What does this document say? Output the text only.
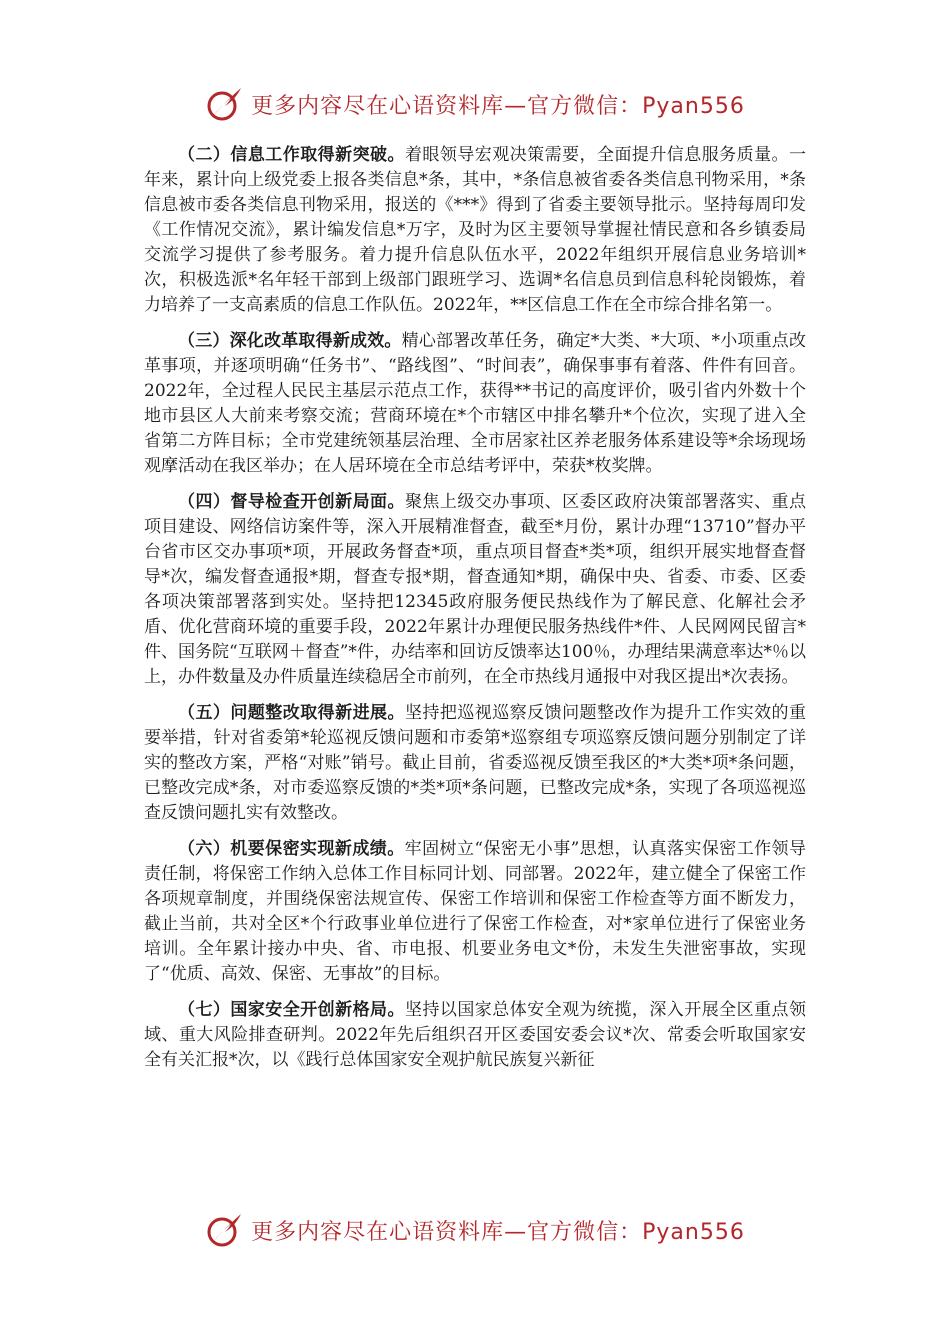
更多内容尽在心语资料库—官方微信：Pyan556

（二）信息工作取得新突破。着眼领导宏观决策需要，全面提升信息服务质量。一年来，累计向上级党委上报各类信息*条，其中，*条信息被省委各类信息刊物采用，*条信息被市委各类信息刊物采用，报送的《***》得到了省委主要领导批示。坚持每周印发《工作情况交流》，累计编发信息*万字，及时为区主要领导掌握社情民意和各乡镇委局交流学习提供了参考服务。着力提升信息队伍水平，2022年组织开展信息业务培训*次，积极选派*名年轻干部到上级部门跟班学习、选调*名信息员到信息科轮岗锻炼，着力培养了一支高素质的信息工作队伍。2022年，**区信息工作在全市综合排名第一。

（三）深化改革取得新成效。精心部署改革任务，确定*大类、*大项、*小项重点改革事项，并逐项明确“任务书”、“路线图”、“时间表”，确保事事有着落、件件有回音。2022年，全过程人民民主基层示范点工作，获得**书记的高度评价，吸引省内外数十个地市县区人大前来考察交流；营商环境在*个市辖区中排名攀升*个位次，实现了进入全省第二方阵目标；全市党建统领基层治理、全市居家社区养老服务体系建设等*余场现场观摩活动在我区举办；在人居环境在全市总结考评中，荣获*枚奖牌。

（四）督导检查开创新局面。聚焦上级交办事项、区委区政府决策部署落实、重点项目建设、网络信访案件等，深入开展精准督查，截至*月份，累计办理“13710”督办平台省市区交办事项*项，开展政务督查*项，重点项目督查*类*项，组织开展实地督查督导*次，编发督查通报*期，督查专报*期，督查通知*期，确保中央、省委、市委、区委各项决策部署落到实处。坚持把12345政府服务便民热线作为了解民意、化解社会矛盾、优化营商环境的重要手段，2022年累计办理便民服务热线件*件、人民网网民留言*件、国务院“互联网＋督查”*件，办结率和回访反馈率达100％，办理结果满意率达*％以上，办件数量及办件质量连续稳居全市前列，在全市热线月通报中对我区提出*次表扬。

（五）问题整改取得新进展。坚持把巡视巡察反馈问题整改作为提升工作实效的重要举措，针对省委第*轮巡视反馈问题和市委第*巡察组专项巡察反馈问题分别制定了详实的整改方案，严格“对账”销号。截止目前，省委巡视反馈至我区的*大类*项*条问题，已整改完成*条，对市委巡察反馈的*类*项*条问题，已整改完成*条，实现了各项巡视巡查反馈问题扎实有效整改。

（六）机要保密实现新成绩。牢固树立“保密无小事”思想，认真落实保密工作领导责任制，将保密工作纳入总体工作目标同计划、同部署。2022年，建立健全了保密工作各项规章制度，并围绕保密法规宣传、保密工作培训和保密工作检查等方面不断发力，截止当前，共对全区*个行政事业单位进行了保密工作检查，对*家单位进行了保密业务培训。全年累计接办中央、省、市电报、机要业务电文*份，未发生失泄密事故，实现了“优质、高效、保密、无事故”的目标。

（七）国家安全开创新格局。坚持以国家总体安全观为统揽，深入开展全区重点领域、重大风险排查研判。2022年先后组织召开区委国安委会议*次、常委会听取国家安全有关汇报*次，以《践行总体国家安全观护航民族复兴新征

更多内容尽在心语资料库—官方微信：Pyan556
